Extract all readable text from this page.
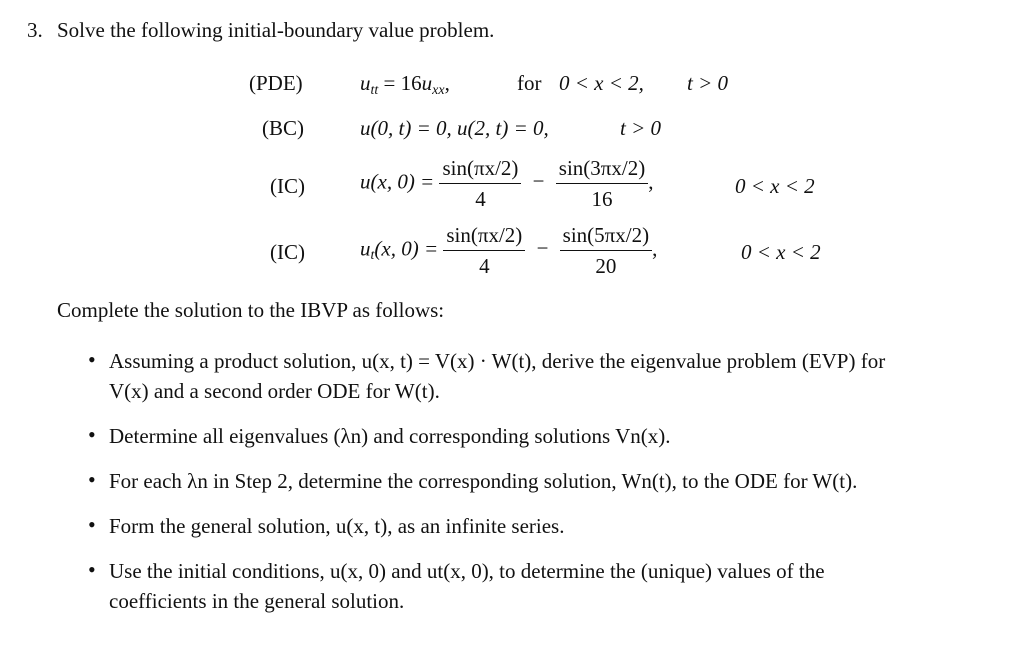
3. Solve the following initial-boundary value problem.
(PDE)	utt = 16uxx,	for 0 < x < 2, t > 0
(BC)	u(0, t) = 0, u(2, t) = 0,	t > 0
(IC)	u(x, $0) = \frac{\sin(\pi x/2)}{4} - \frac{\sin(3\pi x/2)}{16}$ ,	0 < x < 2
(IC)	ut(x, $0) = \frac{\sin(\pi x/2)}{4} - \frac{\sin(5\pi x/2)}{20}$ ,	0 < x < 2
Complete the solution to the IBVP as follows:
• Assuming a product solution, u(x, t) = V(x) · W(t), derive the eigenvalue problem (EVP) for
V(x) and a second order ODE for W(t).
• Determine all eigenvalues (λn) and corresponding solutions Vn(x).
• For each λn in Step 2, determine the corresponding solution, Wn(t), to the ODE for W(t).
• Form the general solution, u(x, t), as an infinite series.
• Use the initial conditions, u(x, 0) and ut(x, 0), to determine the (unique) values of the
coefficients in the general solution.
